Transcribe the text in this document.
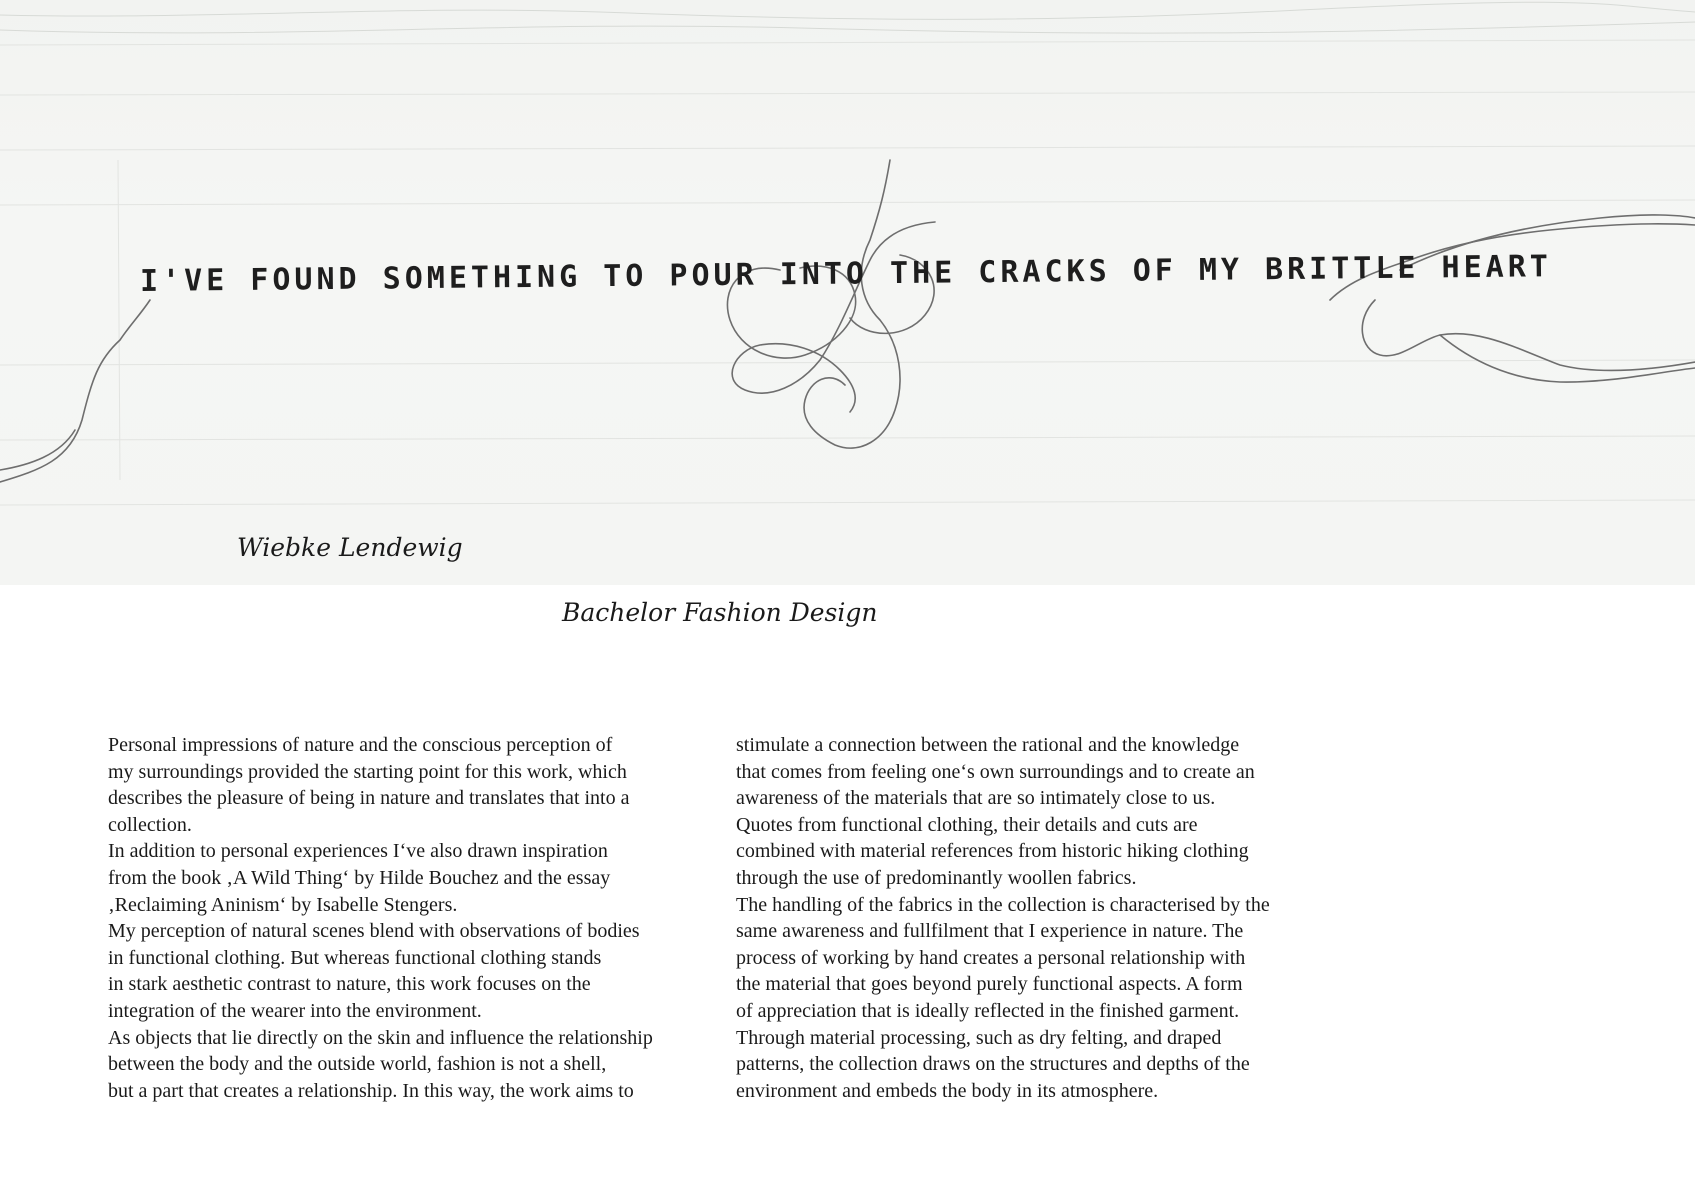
I'VE FOUND SOMETHING TO POUR INTO THE CRACKS OF MY BRITTLE HEART
Wiebke Lendewig
Bachelor Fashion Design

Personal impressions of nature and the conscious perception of

my surroundings provided the starting point for this work, which

describes the pleasure of being in nature and translates that into a

collection.

In addition to personal experiences I‘ve also drawn inspiration

from the book ‚A Wild Thing‘ by Hilde Bouchez and the essay

‚Reclaiming Aninism‘ by Isabelle Stengers.

My perception of natural scenes blend with observations of bodies

in functional clothing. But whereas functional clothing stands

in stark aesthetic contrast to nature, this work focuses on the

integration of the wearer into the environment.

As objects that lie directly on the skin and influence the relationship

between the body and the outside world, fashion is not a shell,

but a part that creates a relationship. In this way, the work aims to

stimulate a connection between the rational and the knowledge

that comes from feeling one‘s own surroundings and to create an

awareness of the materials that are so intimately close to us.

Quotes from functional clothing, their details and cuts are

combined with material references from historic hiking clothing

through the use of predominantly woollen fabrics.

The handling of the fabrics in the collection is characterised by the

same awareness and fullfilment that I experience in nature. The

process of working by hand creates a personal relationship with

the material that goes beyond purely functional aspects. A form

of appreciation that is ideally reflected in the finished garment.

Through material processing, such as dry felting, and draped

patterns, the collection draws on the structures and depths of the

environment and embeds the body in its atmosphere.
